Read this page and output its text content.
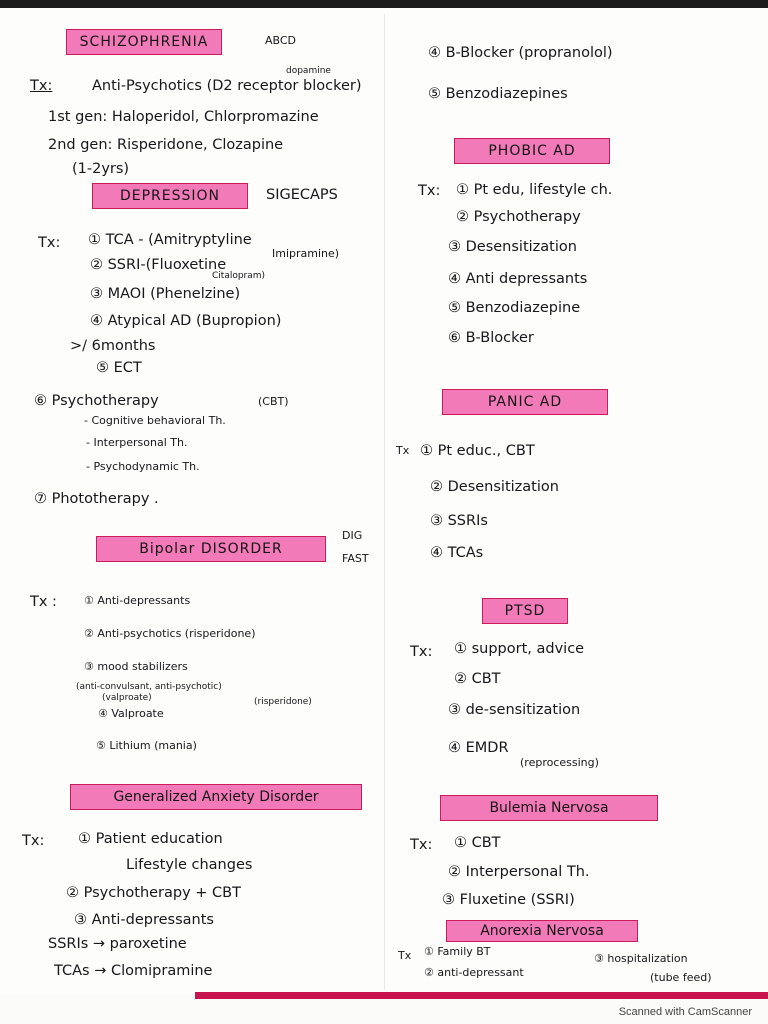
SCHIZOPHRENIA	ABCD
Tx:	Anti-Psychotics (D2 receptor blocker)
dopamine
1st gen: Haloperidol, Chlorpromazine
2nd gen: Risperidone, Clozapine
(1-2yrs)
DEPRESSION	SIGECAPS
Tx: ① TCA - (Amitryptyline
Imipramine)
② SSRI-(Fluoxetine
Citalopram)
③ MAOI (Phenelzine)
④ Atypical AD (Bupropion)
>/ 6months
⑤ ECT
⑥ Psychotherapy	(CBT)
- Cognitive behavioral Th.
- Interpersonal Th.
- Psychodynamic Th.
⑦ Phototherapy .
Bipolar DISORDER
DIG
FAST
Tx : ① Anti-depressants
② Anti-psychotics (risperidone)
③ mood stabilizers
(anti-convulsant, anti-psychotic)
(valproate)	(risperidone)
④ Valproate
⑤ Lithium (mania)
Generalized Anxiety Disorder
Tx: ① Patient education
Lifestyle changes
② Psychotherapy + CBT
③ Anti-depressants
SSRIs → paroxetine
TCAs → Clomipramine
④ B-Blocker (propranolol)
⑤ Benzodiazepines
PHOBIC AD
Tx: ① Pt edu, lifestyle ch.
② Psychotherapy
③ Desensitization
④ Anti depressants
⑤ Benzodiazepine
⑥ B-Blocker
PANIC AD
Tx ① Pt educ., CBT
② Desensitization
③ SSRIs
④ TCAs
PTSD
Tx: ① support, advice
② CBT
③ de-sensitization
④ EMDR
(reprocessing)
Bulemia Nervosa
Tx: ① CBT
② Interpersonal Th.
③ Fluxetine (SSRI)
Anorexia Nervosa
Tx ① Family BT
② anti-depressant
③ hospitalization
(tube feed)
Scanned with CamScanner
